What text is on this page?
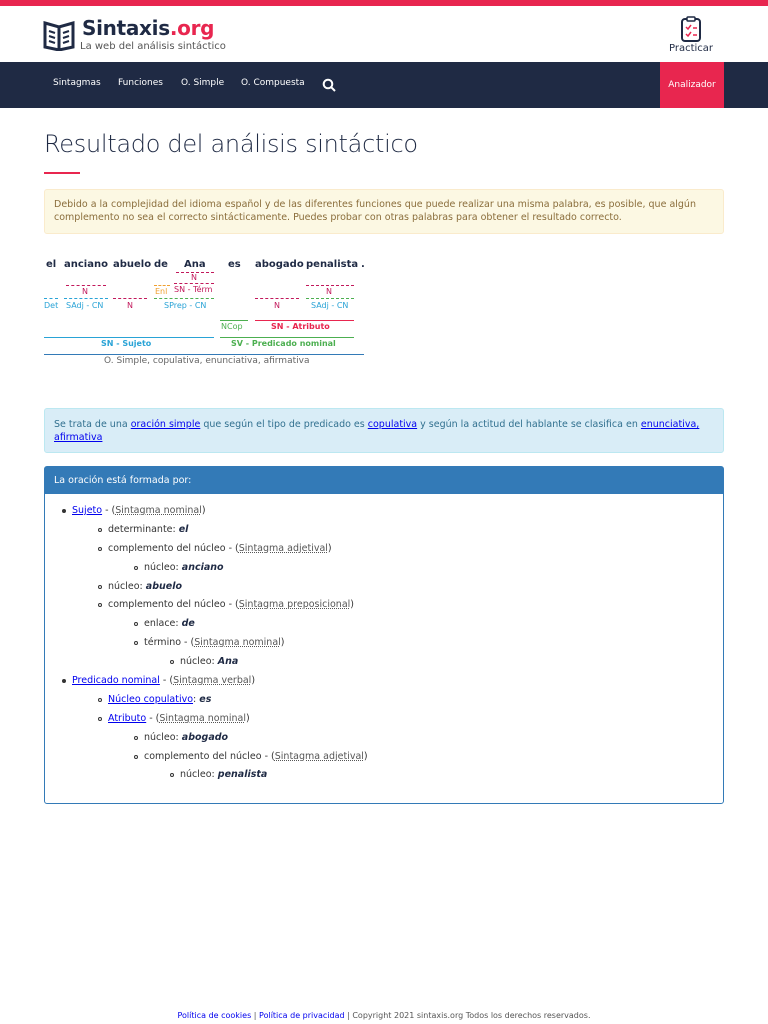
Sintaxis.org
La web del análisis sintáctico	Practicar
Sintagmas Funciones O. Simple O. Compuesta	Analizador
Resultado del análisis sintáctico
Debido a la complejidad del idioma español y de las diferentes funciones que puede realizar una misma palabra, es posible, que algún complemento no sea el correcto sintácticamente. Puedes probar con otras palabras para obtener el resultado correcto.
el anciano abuelo de Ana es abogado penalista .
N
SN - Térm
N	Enl	N
Det SAdj - CN	N	SPrep - CN	N	SAdj - CN
NCop	SN - Atributo
SN - Sujeto	SV - Predicado nominal
O. Simple, copulativa, enunciativa, afirmativa
Se trata de una oración simple que según el tipo de predicado es copulativa y según la actitud del hablante se clasifica en enunciativa,
afirmativa
La oración está formada por:
Sujeto - (Sintagma nominal)
determinante: el
complemento del núcleo - (Sintagma adjetival)
núcleo: anciano
núcleo: abuelo
complemento del núcleo - (Sintagma preposicional)
enlace: de
término - (Sintagma nominal)
núcleo: Ana
Predicado nominal - (Sintagma verbal)
Núcleo copulativo: es
Atributo - (Sintagma nominal)
núcleo: abogado
complemento del núcleo - (Sintagma adjetival)
núcleo: penalista
Política de cookies | Política de privacidad | Copyright 2021 sintaxis.org Todos los derechos reservados.
